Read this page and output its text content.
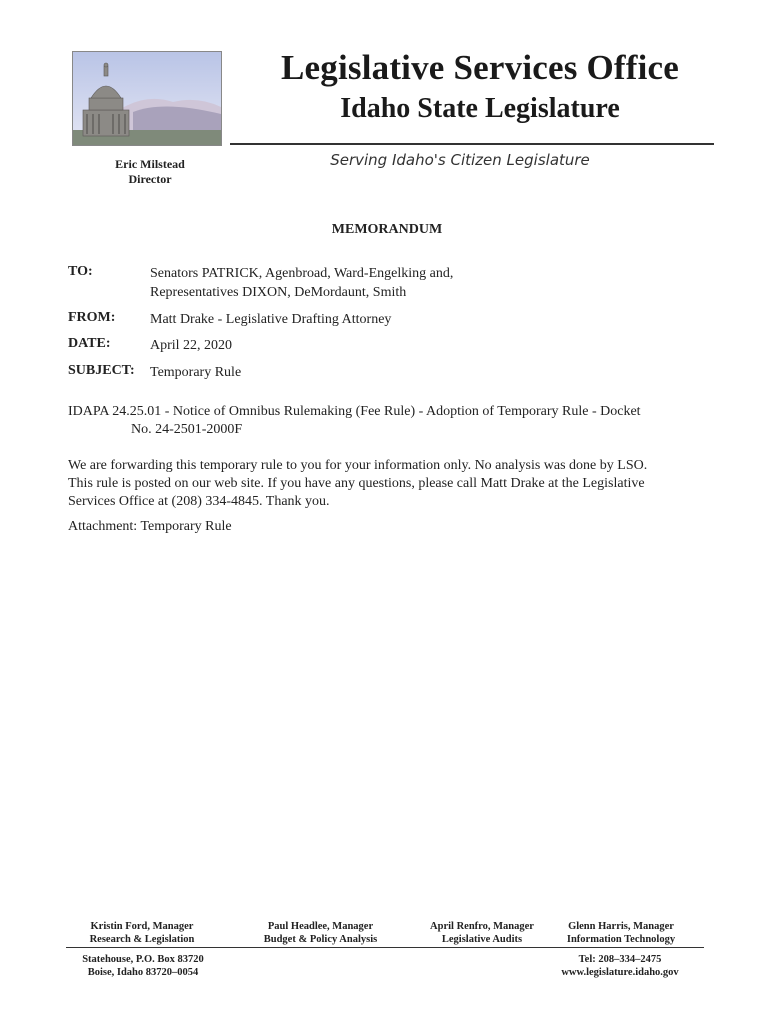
Legislative Services Office
Idaho State Legislature
Serving Idaho's Citizen Legislature
Eric Milstead
Director
MEMORANDUM
TO:	Senators PATRICK, Agenbroad, Ward-Engelking and,
Representatives DIXON, DeMordaunt, Smith
FROM: Matt Drake - Legislative Drafting Attorney
DATE:	April 22, 2020
SUBJECT: Temporary Rule
IDAPA 24.25.01 - Notice of Omnibus Rulemaking (Fee Rule) - Adoption of Temporary Rule - Docket
No. 24-2501-2000F
We are forwarding this temporary rule to you for your information only. No analysis was done by LSO.
This rule is posted on our web site. If you have any questions, please call Matt Drake at the Legislative
Services Office at (208) 334-4845. Thank you.
Attachment: Temporary Rule
Kristin Ford, Manager
Research & Legislation
Paul Headlee, Manager
Budget & Policy Analysis
April Renfro, Manager
Legislative Audits
Glenn Harris, Manager
Information Technology
Statehouse, P.O. Box 83720
Boise, Idaho 83720–0054
Tel: 208–334–2475
www.legislature.idaho.gov
